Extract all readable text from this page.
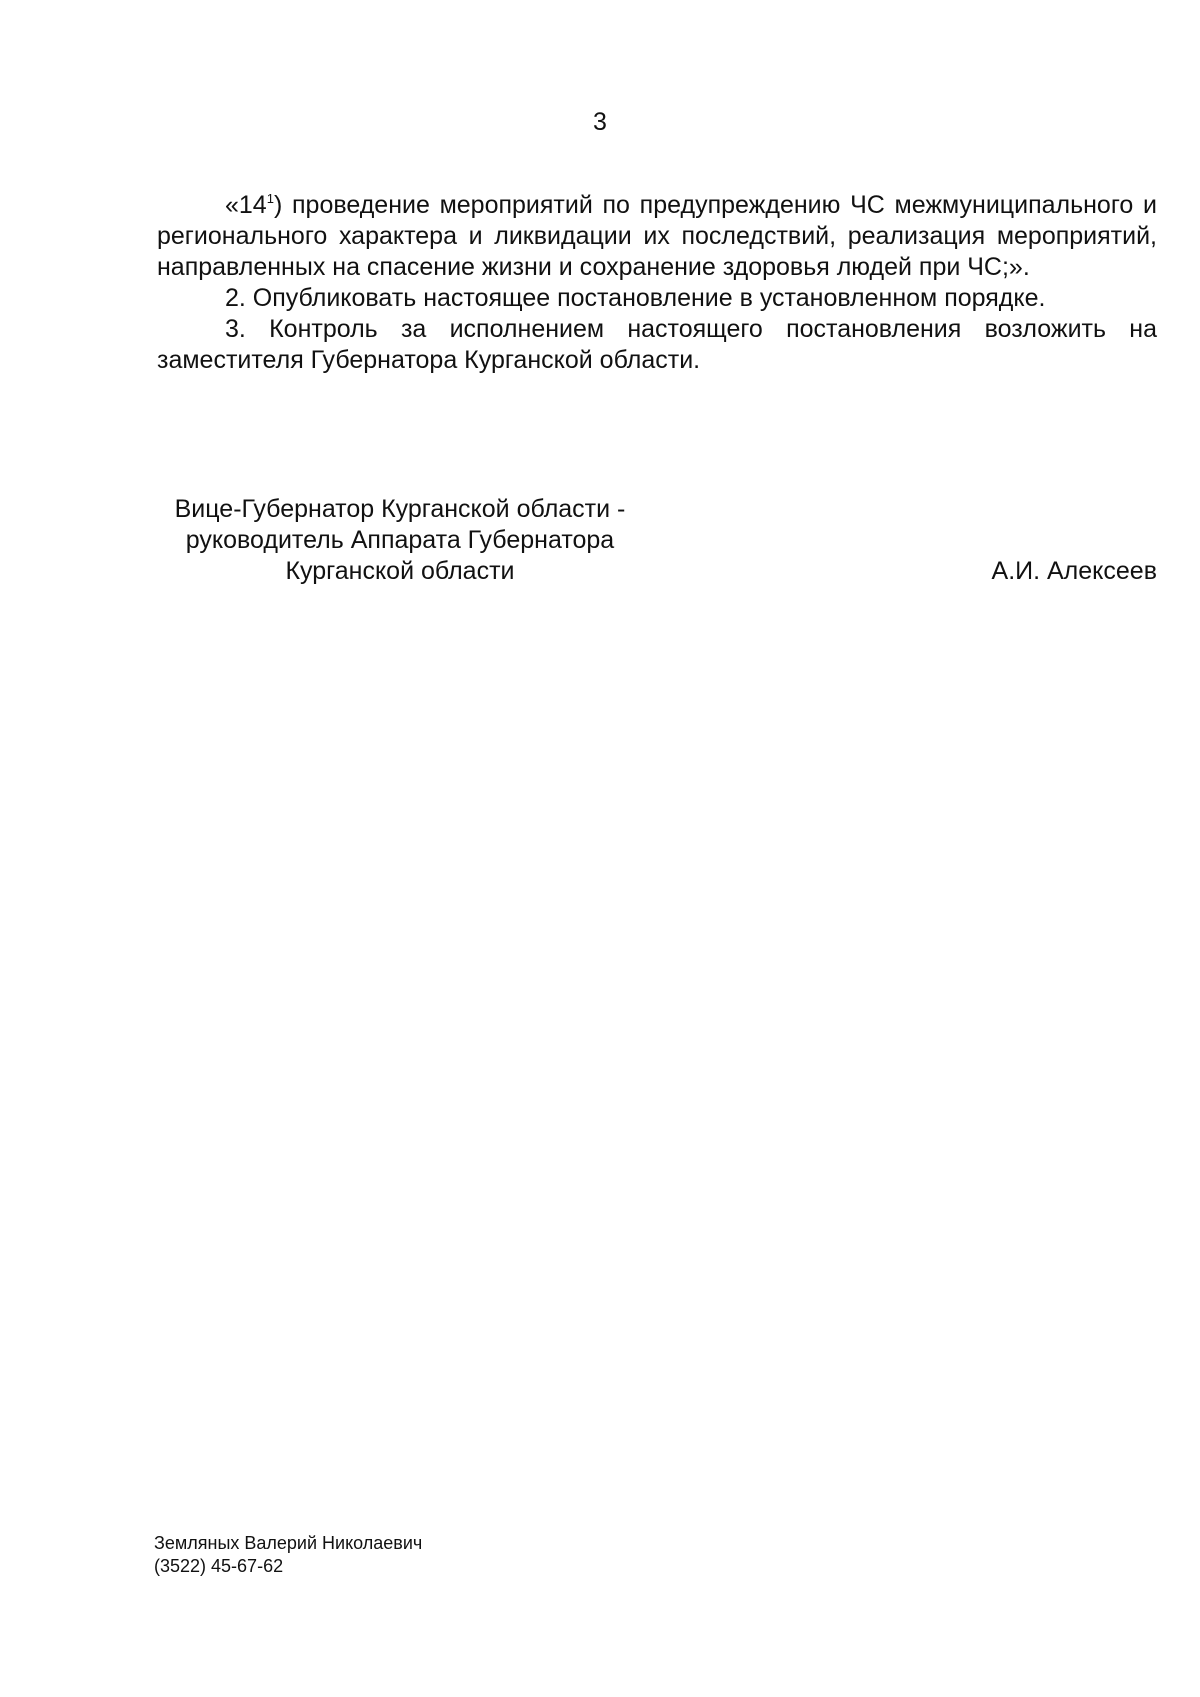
3

«$14^1$) проведение мероприятий по предупреждению ЧС межмуниципального и регионального характера и ликвидации их последствий, реализация мероприятий, направленных на спасение жизни и сохранение здоровья людей при ЧС;».

2. Опубликовать настоящее постановление в установленном порядке.

3. Контроль за исполнением настоящего постановления возложить на заместителя Губернатора Курганской области.

Вице-Губернатор Курганской области -
руководитель Аппарата Губернатора
Курганской области	А.И. Алексеев
Земляных Валерий Николаевич
(3522) 45-67-62
